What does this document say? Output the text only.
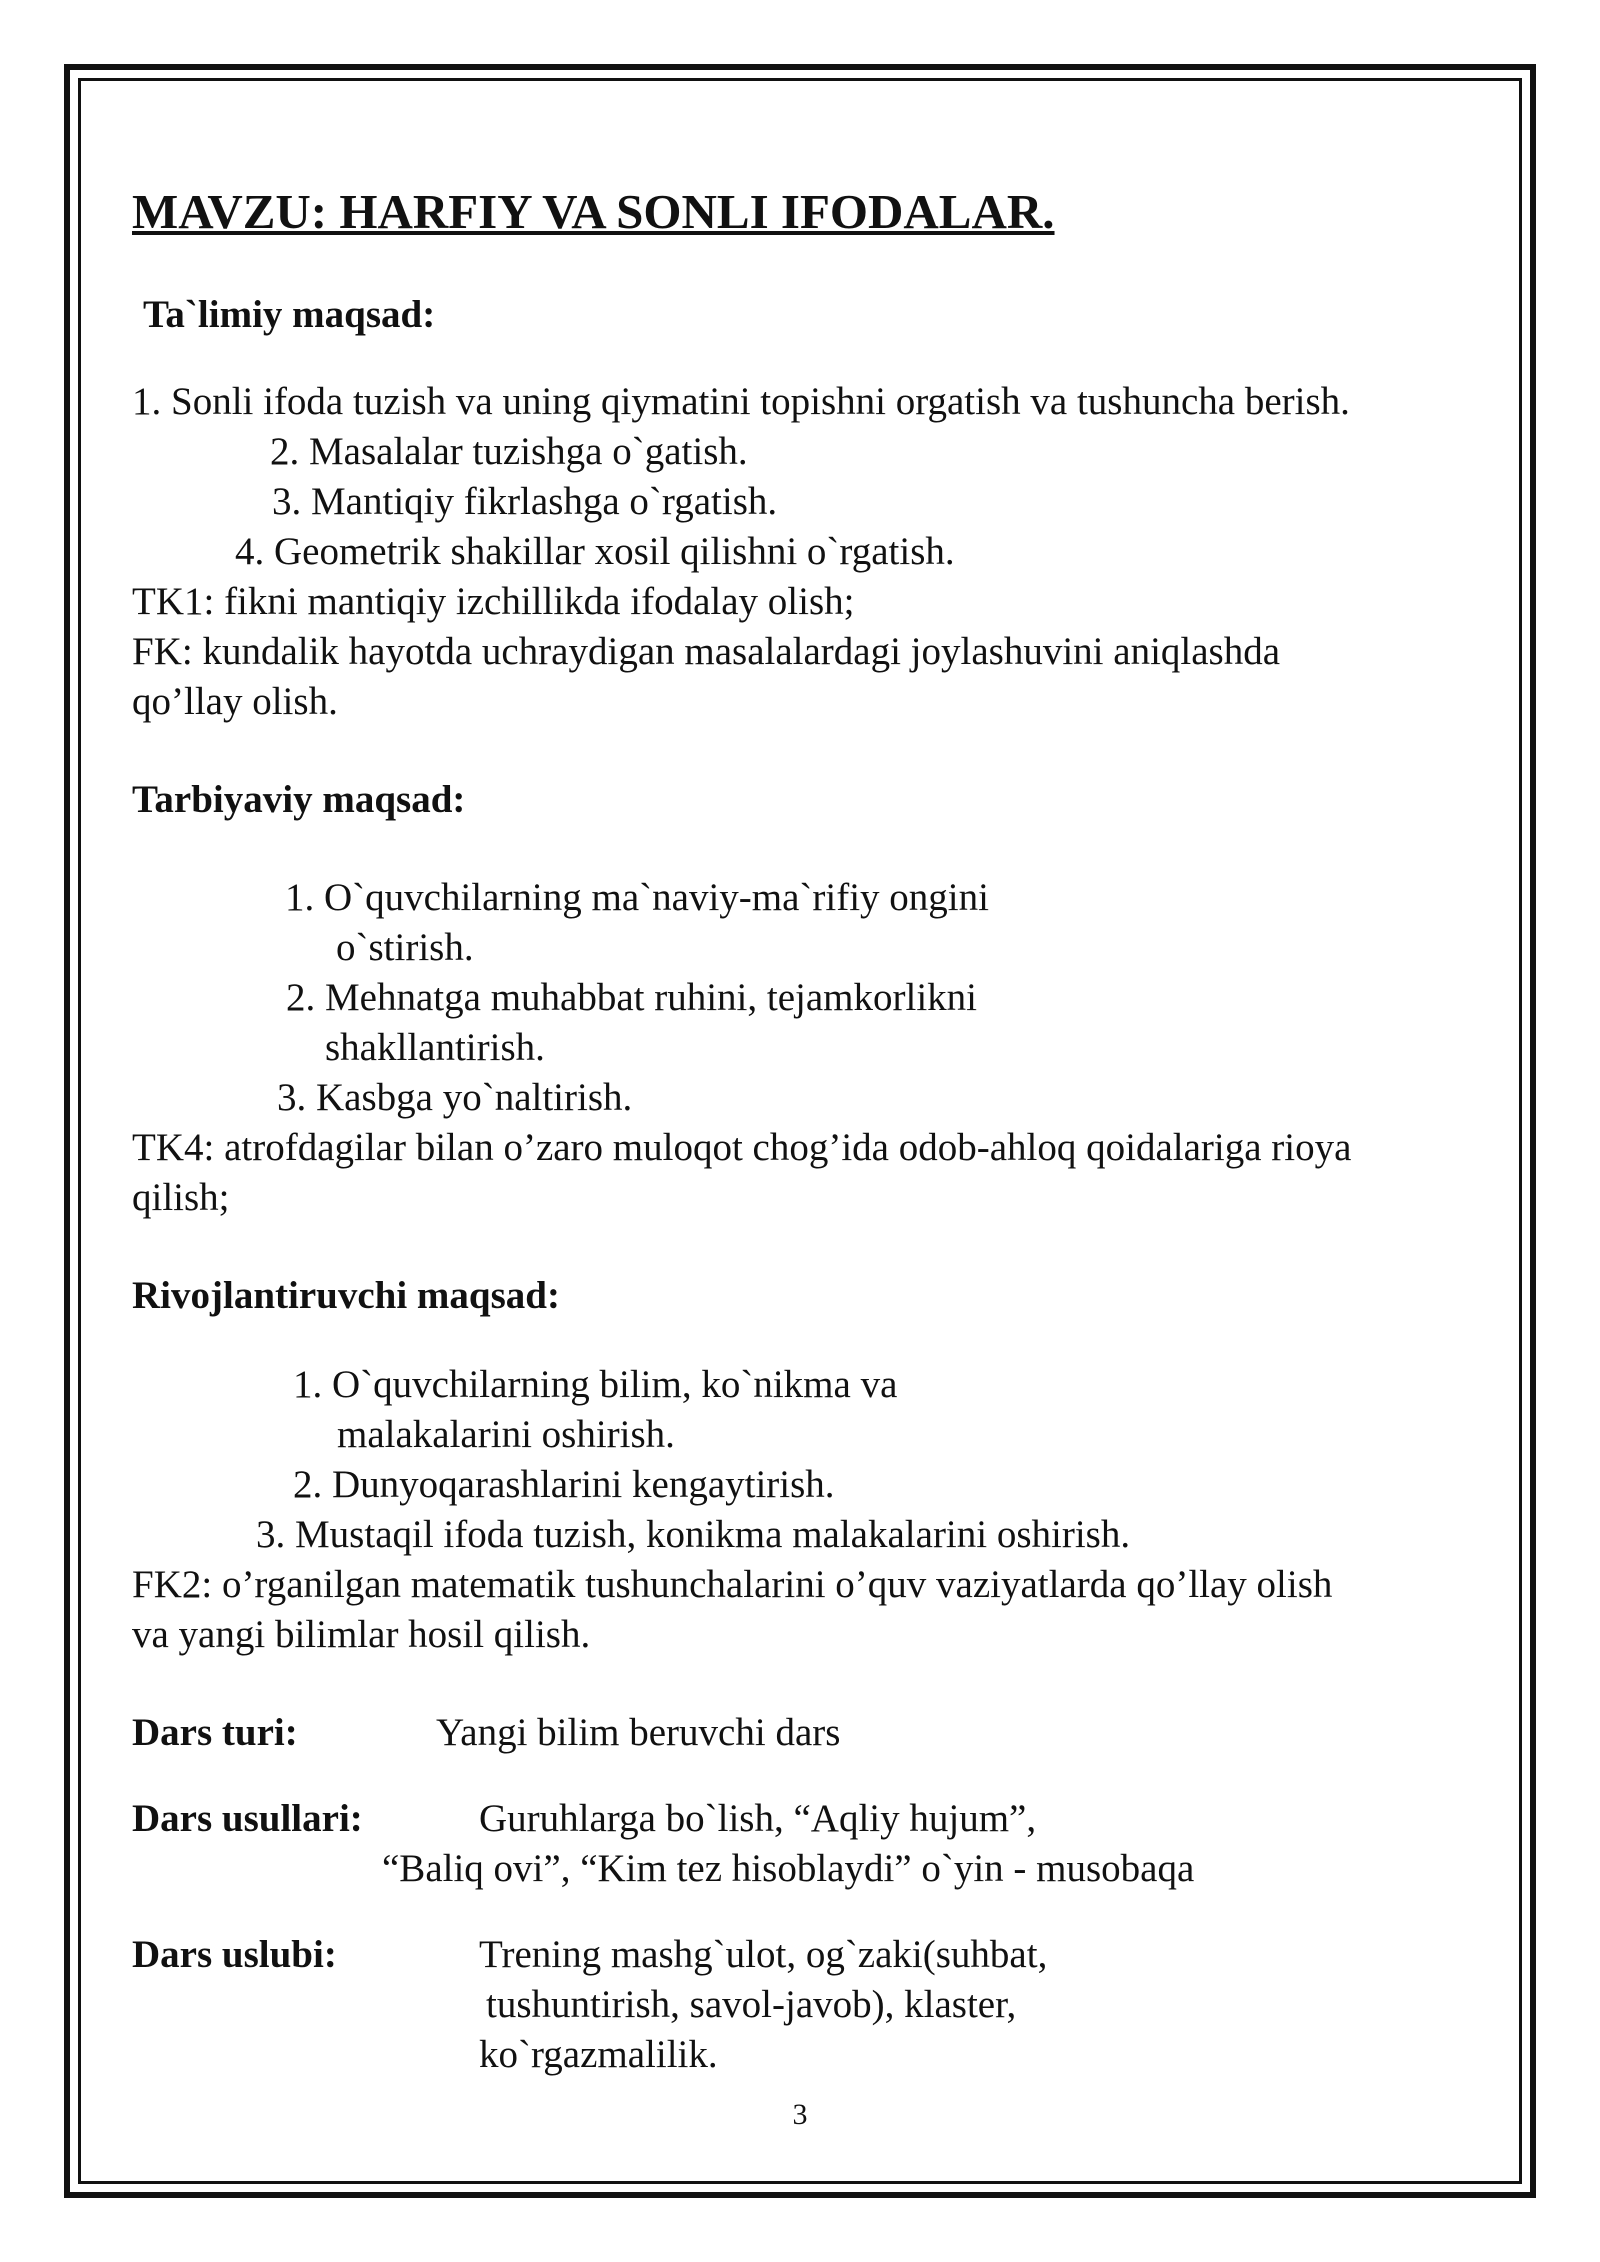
MAVZU: HARFIY VA SONLI IFODALAR.
Ta`limiy maqsad:
1. Sonli ifoda tuzish va uning qiymatini topishni orgatish va tushuncha berish.
2. Masalalar tuzishga o`gatish.
3. Mantiqiy fikrlashga o`rgatish.
4. Geometrik shakillar xosil qilishni o`rgatish.
TK1: fikni mantiqiy izchillikda ifodalay olish;
FK: kundalik hayotda uchraydigan masalalardagi joylashuvini aniqlashda
qo’llay olish.
Tarbiyaviy maqsad:
1. O`quvchilarning ma`naviy-ma`rifiy ongini
o`stirish.
2. Mehnatga muhabbat ruhini, tejamkorlikni
shakllantirish.
3. Kasbga yo`naltirish.
TK4: atrofdagilar bilan o’zaro muloqot chog’ida odob-ahloq qoidalariga rioya
qilish;
Rivojlantiruvchi maqsad:
1. O`quvchilarning bilim, ko`nikma va
malakalarini oshirish.
2. Dunyoqarashlarini kengaytirish.
3. Mustaqil ifoda tuzish, konikma malakalarini oshirish.
FK2: o’rganilgan matematik tushunchalarini o’quv vaziyatlarda qo’llay olish
va yangi bilimlar hosil qilish.
Dars turi:	Yangi bilim beruvchi dars
Dars usullari:	Guruhlarga bo`lish, “Aqliy hujum”,
“Baliq ovi”, “Kim tez hisoblaydi” o`yin - musobaqa
Dars uslubi:	Trening mashg`ulot, og`zaki(suhbat,
tushuntirish, savol-javob), klaster,
ko`rgazmalilik.
3
